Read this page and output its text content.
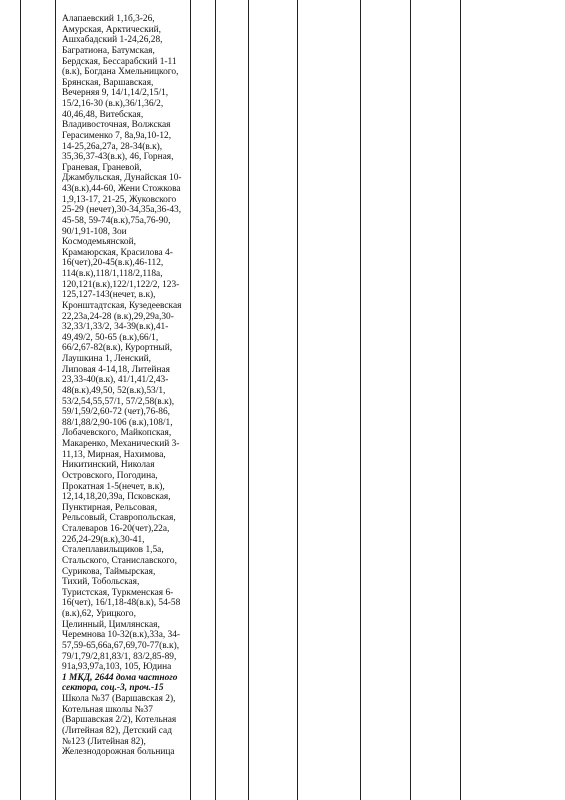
Алапаевский 1,1б,3-26,
Амурская, Арктический,
Ашхабадский 1-24,26,28,
Багратиона, Батумская,
Бердская, Бессарабский 1-11
(в.к), Богдана Хмельницкого,
Брянская, Варшавская,
Вечерняя 9, 14/1,14/2,15/1,
15/2,16-30 (в.к),36/1,36/2,
40,46,48, Витебская,
Владивосточная, Волжская
Герасименко 7, 8а,9а,10-12,
14-25,26а,27а, 28-34(в.к),
35,36,37-43(в.к), 46, Горная,
Граневая, Граневой,
Джамбульская, Дунайская 10-
43(в.к),44-60, Жени Стожкова
1,9,13-17, 21-25, Жуковского
25-29 (нечет),30-34,35а,36-43,
45-58, 59-74(в.к),75а,76-90,
90/1,91-108, Зои
Космодемьянской,
Крамаюрская, Красилова 4-
16(чет),20-45(в.к),46-112,
114(в.к),118/1,118/2,118а,
120,121(в.к),122/1,122/2, 123-
125,127-143(нечет, в.к),
Кронштадтская, Кузедеевская
22,23а,24-28 (в.к),29,29а,30-
32,33/1,33/2, 34-39(в.к),41-
49,49/2, 50-65 (в.к),66/1,
66/2,67-82(в.к), Курортный,
Лаушкина 1, Ленский,
Липовая 4-14,18, Литейная
23,33-40(в.к), 41/1,41/2,43-
48(в.к),49,50, 52(в.к),53/1,
53/2,54,55,57/1, 57/2,58(в.к),
59/1,59/2,60-72 (чет),76-86,
88/1,88/2,90-106 (в.к),108/1,
Лобачевского, Майкопская,
Макаренко, Механический 3-
11,13, Мирная, Нахимова,
Никитинский, Николая
Островского, Погодина,
Прокатная 1-5(нечет, в.к),
12,14,18,20,39а, Псковская,
Пунктирная, Рельсовая,
Рельсовый, Ставропольская,
Сталеваров 16-20(чет),22а,
22б,24-29(в.к),30-41,
Сталеплавильщиков 1,5а,
Стальского, Станиславского,
Сурикова, Таймырская,
Тихий, Тобольская,
Туристская, Туркменская 6-
16(чет), 16/1,18-48(в.к), 54-58
(в.к),62, Урицкого,
Целинный, Цимлянская,
Черемнова 10-32(в.к),33а, 34-
57,59-65,66а,67,69,70-77(в.к),
79/1,79/2,81,83/1, 83/2,85-89,
91а,93,97а,103, 105, Юдина
1 МКД, 2644 дома частного
сектора, соц.-3, проч.-15
Школа №37 (Варшавская 2),
Котельная школы №37
(Варшавская 2/2), Котельная
(Литейная 82), Детский сад
№123 (Литейная 82),
Железнодорожная больница
